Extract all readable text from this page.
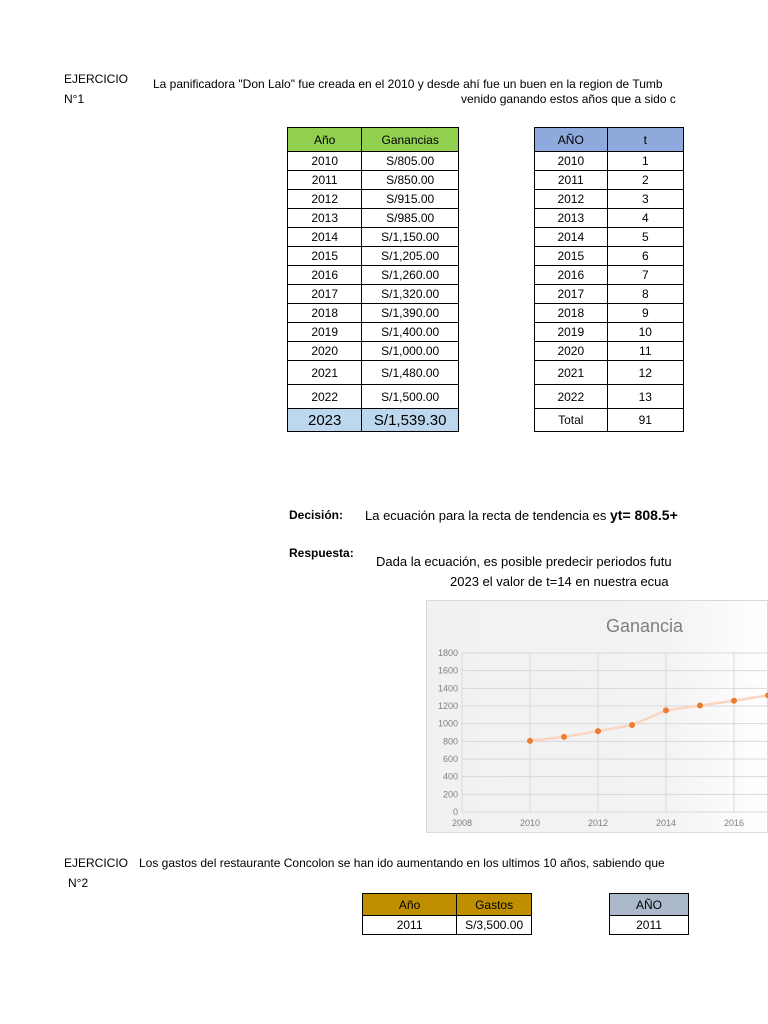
EJERCICIO
N°1
La panificadora "Don Lalo" fue creada en el 2010 y desde ahí fue un buen en la region de Tumb
venido ganando estos años que a sido c
Año	Ganancias
2010	S/805.00
2011	S/850.00
2012	S/915.00
2013	S/985.00
2014	S/1,150.00
2015	S/1,205.00
2016	S/1,260.00
2017	S/1,320.00
2018	S/1,390.00
2019	S/1,400.00
2020	S/1,000.00
2021	S/1,480.00
2022	S/1,500.00
2023	S/1,539.30
AÑO	t
2010	1
2011	2
2012	3
2013	4
2014	5
2015	6
2016	7
2017	8
2018	9
2019	10
2020	11
2021	12
2022	13
Total	91
Decisión: La ecuación para la recta de tendencia es yt= 808.5+
Respuesta:
Dada la ecuación, es posible predecir periodos futu
2023 el valor de t=14 en nuestra ecua
EJERCICIO
N°2
Los gastos del restaurante Concolon se han ido aumentando en los ultimos 10 años, sabiendo que
Año	Gastos
2011	S/3,500.00
AÑO
2011
0
200
400
600
800
1000
1200
1400
1600
1800
2008	2010	2012	2014	2016
Ganancia
